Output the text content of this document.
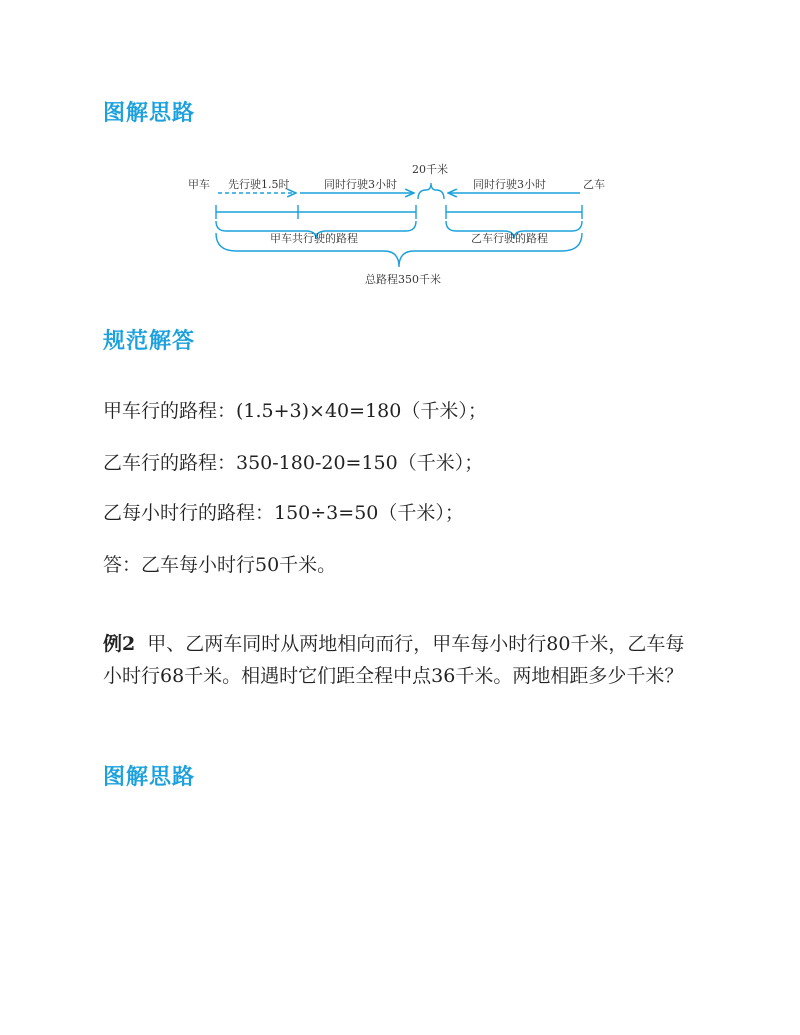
图解思路
甲车 先行驶1.5时	同时行驶3小时
20千米
同时行驶3小时	乙车
甲车共行驶的路程	乙车行驶的路程
总路程350千米
规范解答

甲车行的路程：(1.5+3)×40=180（千米）；

乙车行的路程：350-180-20=150（千米）；

乙每小时行的路程：150÷3=50（千米）；

答：乙车每小时行50千米。

例2 甲、乙两车同时从两地相向而行，甲车每小时行80千米，乙车每小时行68千米。相遇时它们距全程中点36千米。两地相距多少千米？

图解思路
